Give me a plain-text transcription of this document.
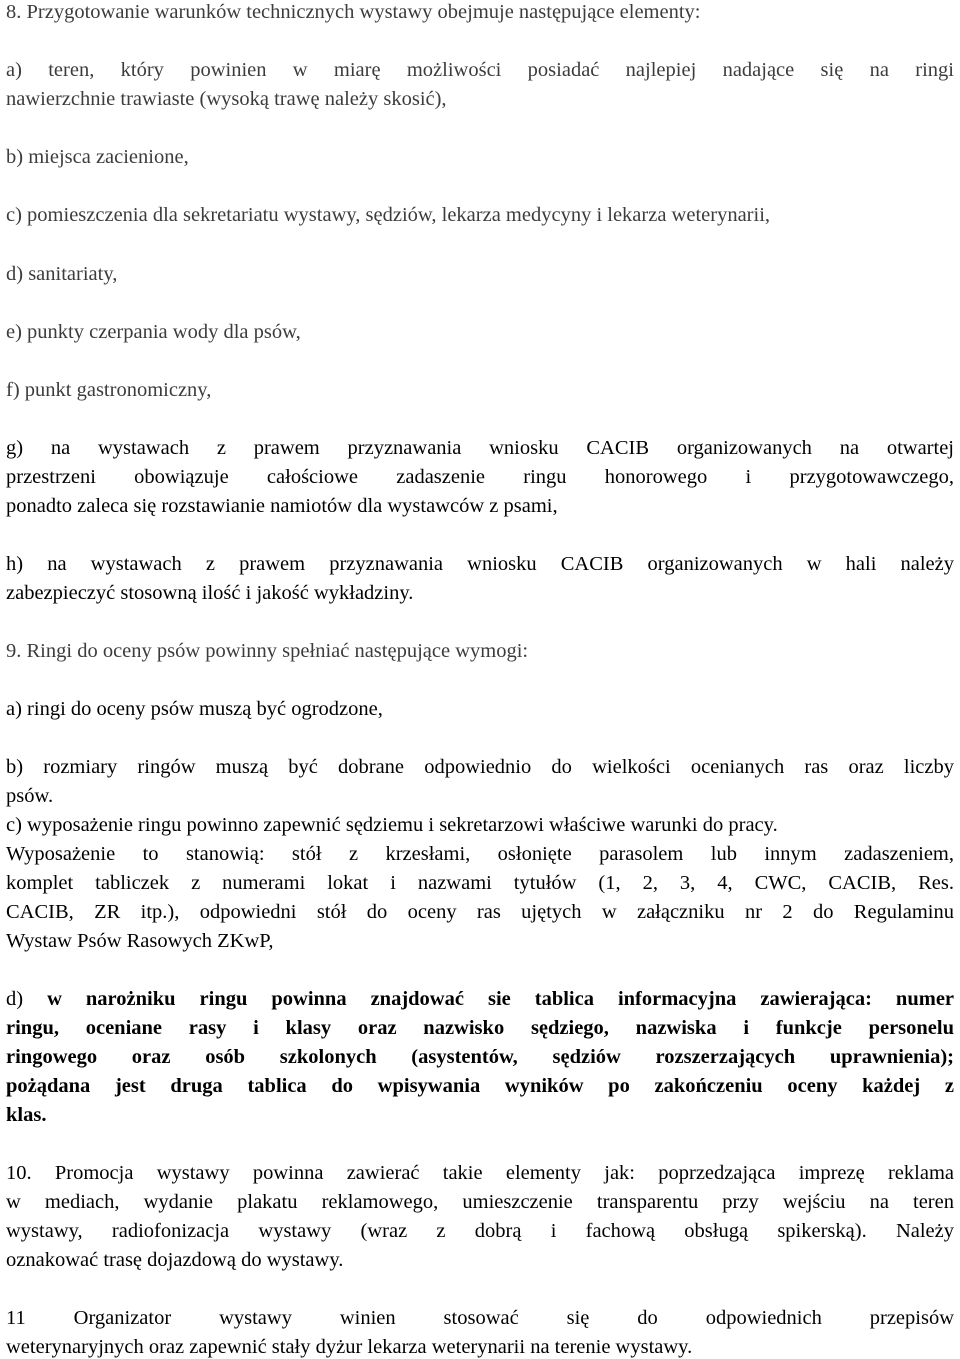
8. Przygotowanie warunków technicznych wystawy obejmuje następujące elementy:
a) teren, który powinien w miarę możliwości posiadać najlepiej nadające się na ringi
nawierzchnie trawiaste (wysoką trawę należy skosić),
b) miejsca zacienione,
c) pomieszczenia dla sekretariatu wystawy, sędziów, lekarza medycyny i lekarza weterynarii,
d) sanitariaty,
e) punkty czerpania wody dla psów,
f) punkt gastronomiczny,
g) na wystawach z prawem przyznawania wniosku CACIB organizowanych na otwartej
przestrzeni obowiązuje całościowe zadaszenie ringu honorowego i przygotowawczego,
ponadto zaleca się rozstawianie namiotów dla wystawców z psami,
h) na wystawach z prawem przyznawania wniosku CACIB organizowanych w hali należy
zabezpieczyć stosowną ilość i jakość wykładziny.
9. Ringi do oceny psów powinny spełniać następujące wymogi:
a) ringi do oceny psów muszą być ogrodzone,
b) rozmiary ringów muszą być dobrane odpowiednio do wielkości ocenianych ras oraz liczby
psów.
c) wyposażenie ringu powinno zapewnić sędziemu i sekretarzowi właściwe warunki do pracy.
Wyposażenie to stanowią: stół z krzesłami, osłonięte parasolem lub innym zadaszeniem,
komplet tabliczek z numerami lokat i nazwami tytułów (1, 2, 3, 4, CWC, CACIB, Res.
CACIB, ZR itp.), odpowiedni stół do oceny ras ujętych w załączniku nr 2 do Regulaminu
Wystaw Psów Rasowych ZKwP,
d) w narożniku ringu powinna znajdować sie tablica informacyjna zawierająca: numer
ringu, oceniane rasy i klasy oraz nazwisko sędziego, nazwiska i funkcje personelu
ringowego oraz osób szkolonych (asystentów, sędziów rozszerzających uprawnienia);
pożądana jest druga tablica do wpisywania wyników po zakończeniu oceny każdej z
klas.
10. Promocja wystawy powinna zawierać takie elementy jak: poprzedzająca imprezę reklama
w mediach, wydanie plakatu reklamowego, umieszczenie transparentu przy wejściu na teren
wystawy, radiofonizacja wystawy (wraz z dobrą i fachową obsługą spikerską). Należy
oznakować trasę dojazdową do wystawy.
11 Organizator wystawy winien stosować się do odpowiednich przepisów
weterynaryjnych oraz zapewnić stały dyżur lekarza weterynarii na terenie wystawy.
